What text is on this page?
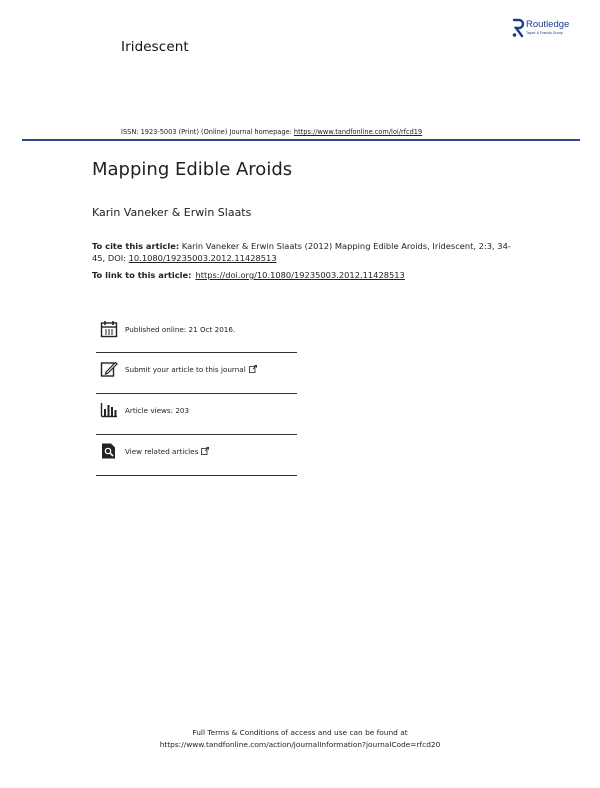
Iridescent
Routledge
Taylor & Francis Group
ISSN: 1923-5003 (Print) (Online) Journal homepage: https://www.tandfonline.com/loi/rfcd19
Mapping Edible Aroids
Karin Vaneker & Erwin Slaats
To cite this article: Karin Vaneker & Erwin Slaats (2012) Mapping Edible Aroids, Iridescent, 2:3, 34-45, DOI: 10.1080/19235003.2012.11428513
To link to this article: https://doi.org/10.1080/19235003.2012.11428513
Published online: 21 Oct 2016.
Submit your article to this journal
Article views: 203
View related articles
Full Terms & Conditions of access and use can be found at
https://www.tandfonline.com/action/journalInformation?journalCode=rfcd20
